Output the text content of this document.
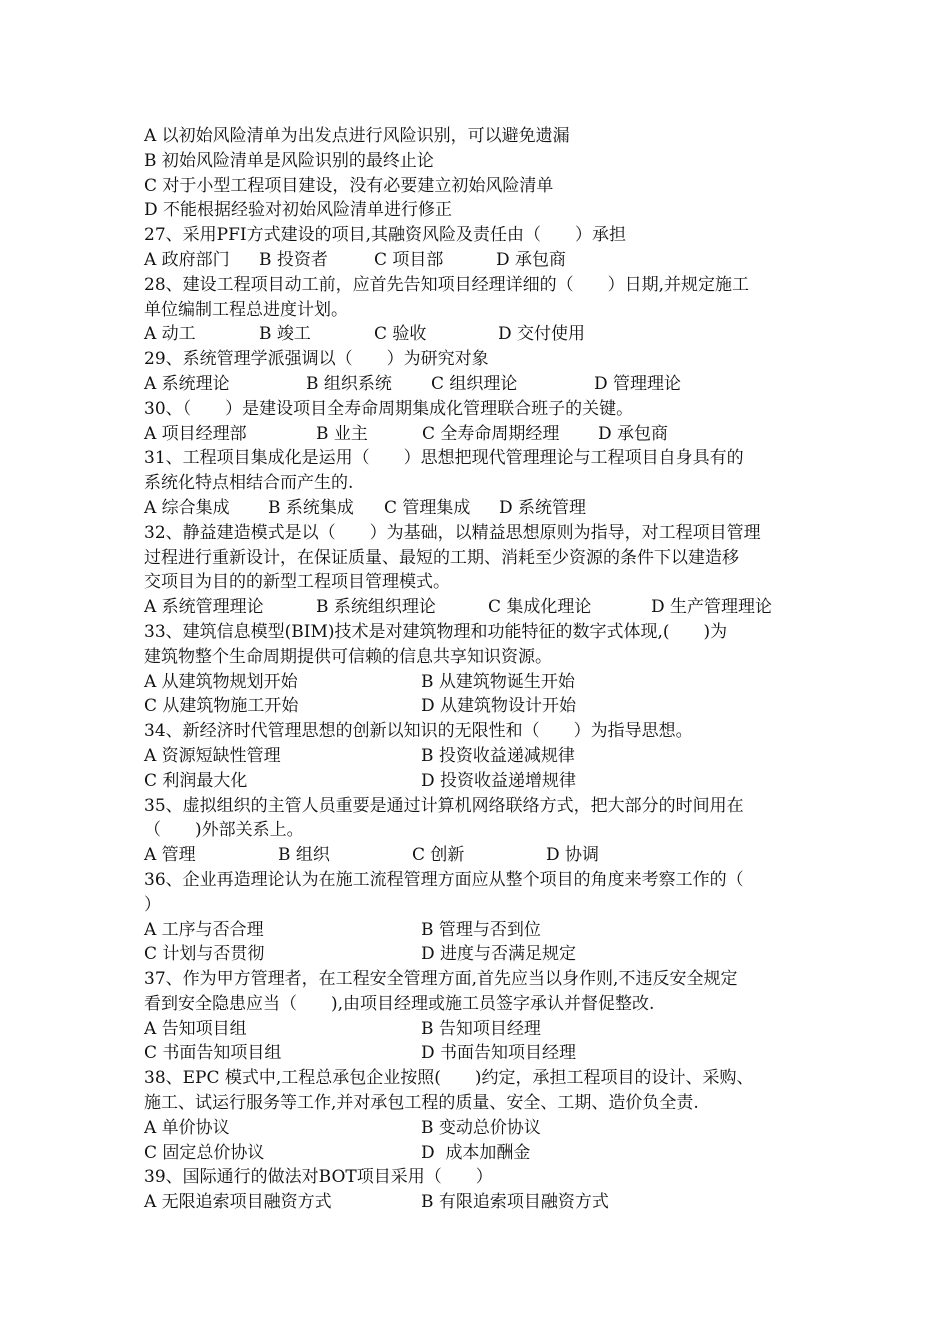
A 以初始风险清单为出发点进行风险识别，可以避免遗漏
B 初始风险清单是风险识别的最终止论
C 对于小型工程项目建设，没有必要建立初始风险清单
D 不能根据经验对初始风险清单进行修正
27、采用PFI方式建设的项目,其融资风险及责任由（　　）承担

A 政府部门

B 投资者

	C 项目部

	D 承包商

28、建设工程项目动工前，应首先告知项目经理详细的（　　）日期,并规定施工
单位编制工程总进度计划。

A 动工

	B 竣工

	C 验收

	D 交付使用

29、系统管理学派强调以（　　）为研究对象

A 系统理论

	B 组织系统

C 组织理论

	D 管理理论

30、（　　）是建设项目全寿命周期集成化管理联合班子的关键。

A 项目经理部

	B 业主

	C 全寿命周期经理

D 承包商

31、工程项目集成化是运用（　　）思想把现代管理理论与工程项目自身具有的
系统化特点相结合而产生的.

A 综合集成

B 系统集成

C 管理集成

D 系统管理

32、静益建造模式是以（　　）为基础，以精益思想原则为指导，对工程项目管理
过程进行重新设计，在保证质量、最短的工期、消耗至少资源的条件下以建造移
交项目为目的的新型工程项目管理模式。

A 系统管理理论

	B 系统组织理论

	C 集成化理论

	D 生产管理理论

33、建筑信息模型(BIM)技术是对建筑物理和功能特征的数字式体现,(　　)为
建筑物整个生命周期提供可信赖的信息共享知识资源。

A 从建筑物规划开始

	B 从建筑物诞生开始

C 从建筑物施工开始

	D 从建筑物设计开始

34、新经济时代管理思想的创新以知识的无限性和（　　）为指导思想。

A 资源短缺性管理

	B 投资收益递减规律

C 利润最大化

	D 投资收益递增规律

35、虚拟组织的主管人员重要是通过计算机网络联络方式，把大部分的时间用在
（　　)外部关系上。

A 管理

	B 组织

	C 创新

	D 协调

36、企业再造理论认为在施工流程管理方面应从整个项目的角度来考察工作的（
）

A 工序与否合理

	B 管理与否到位

C 计划与否贯彻

	D 进度与否满足规定

37、作为甲方管理者，在工程安全管理方面,首先应当以身作则,不违反安全规定
看到安全隐患应当（　　),由项目经理或施工员签字承认并督促整改.

A 告知项目组

	B 告知项目经理

C 书面告知项目组

	D 书面告知项目经理

38、EPC 模式中,工程总承包企业按照(　　)约定，承担工程项目的设计、采购、
施工、试运行服务等工作,并对承包工程的质量、安全、工期、造价负全责.

A 单价协议

	B 变动总价协议

C 固定总价协议

	D  成本加酬金

39、国际通行的做法对BOT项目采用（　　）

A 无限追索项目融资方式

	B 有限追索项目融资方式
